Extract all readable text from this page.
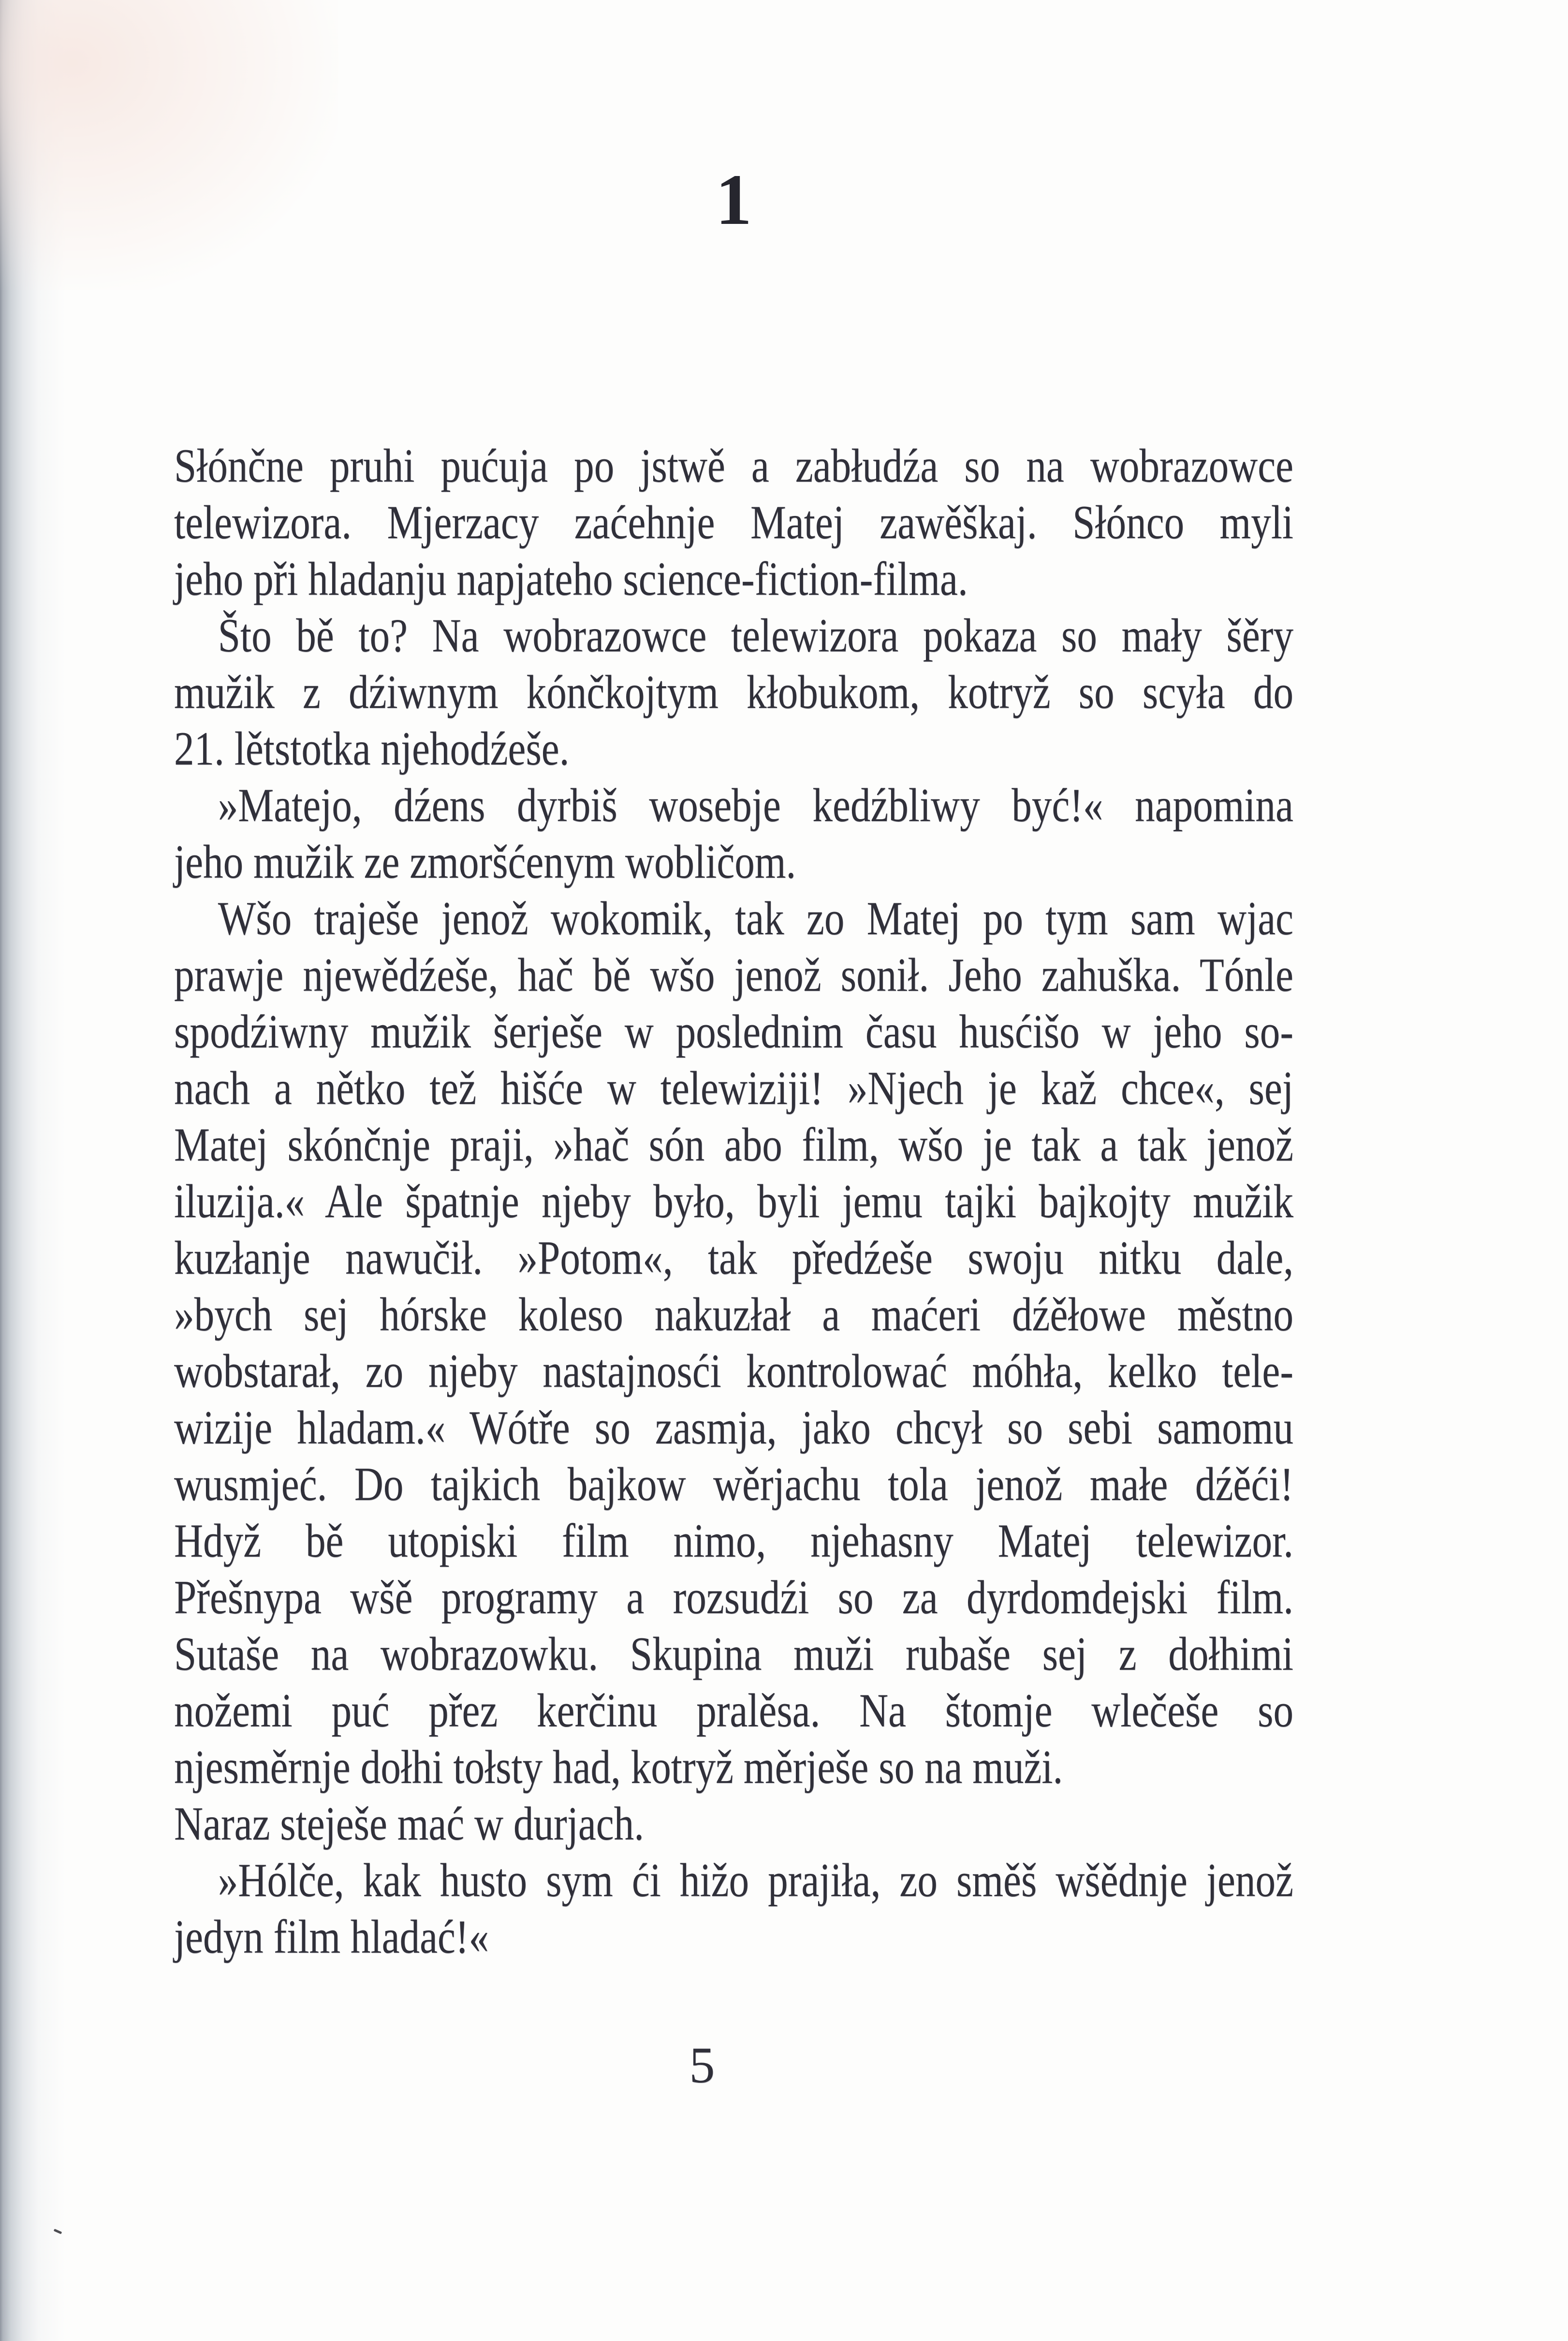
1
Słónčne pruhi pućuja po jstwě a zabłudźa so na wobrazowce
telewizora. Mjerzacy zaćehnje Matej zawěškaj. Słónco myli
jeho při hladanju napjateho science-fiction-filma.
Što bě to? Na wobrazowce telewizora pokaza so mały šěry
mužik z dźiwnym kónčkojtym kłobukom, kotryž so scyła do
21. lětstotka njehodźeše.
»Matejo, dźens dyrbiš wosebje kedźbliwy być!« napomina
jeho mužik ze zmoršćenym wobličom.
Wšo traješe jenož wokomik, tak zo Matej po tym sam wjac
prawje njewědźeše, hač bě wšo jenož sonił. Jeho zahuška. Tónle
spodźiwny mužik šerješe w poslednim času husćišo w jeho so-
nach a nětko tež hišće w telewiziji! »Njech je kaž chce«, sej
Matej skónčnje praji, »hač són abo film, wšo je tak a tak jenož
iluzija.« Ale špatnje njeby było, byli jemu tajki bajkojty mužik
kuzłanje nawučił. »Potom«, tak předźeše swoju nitku dale,
»bych sej hórske koleso nakuzłał a maćeri dźěłowe městno
wobstarał, zo njeby nastajnosći kontrolować móhła, kelko tele-
wizije hladam.« Wótře so zasmja, jako chcył so sebi samomu
wusmjeć. Do tajkich bajkow wěrjachu tola jenož małe dźěći!
Hdyž bě utopiski film nimo, njehasny Matej telewizor.
Přešnypa wšě programy a rozsudźi so za dyrdomdejski film.
Sutaše na wobrazowku. Skupina muži rubaše sej z dołhimi
nožemi puć přez kerčinu pralěsa. Na štomje wlečeše so
njesměrnje dołhi tołsty had, kotryž měrješe so na muži.
Naraz steješe mać w durjach.
»Hólče, kak husto sym ći hižo prajiła, zo směš wšědnje jenož
jedyn film hladać!«
5
